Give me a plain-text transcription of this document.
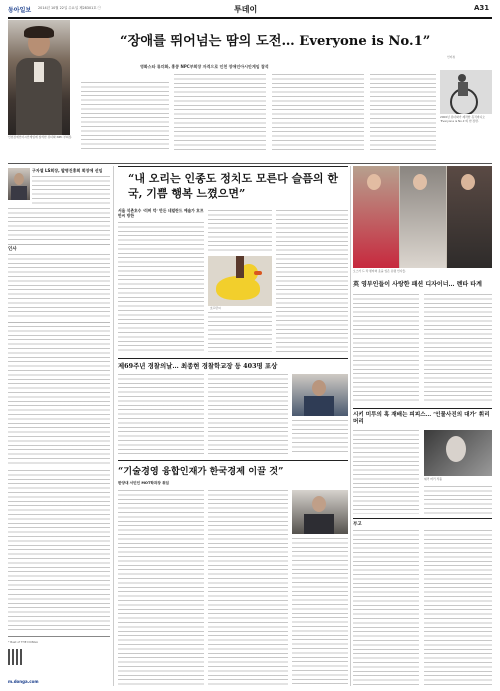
동아일보 2014년 10월 22일 수요일 제28301호 ㊀	투데이	A31
인천장애인아시안게임에 참석한 류더화 NPC 부회장.
“장애를 뛰어넘는 땀의 도전… Everyone is No.1”
인터뷰
영화스타 류더화, 홍콩 NPC부회장 자격으로 인천 장애인아시안게임 참석
2000년 류더화가 제작한 뮤직비디오 ‘Everyone is No.1’의 한 장면.
구자열 LS회장, 발명진흥회 회장에 선임
인사
* Best of THE DONGA
m.donga.com
“내 오리는 인종도 정치도 모른다 슬픔의 한국, 기쁨 행복 느꼈으면”
서울 석촌호수 ‘러버 덕’ 만든 네덜란드 예술가 호프만씨 방한
호프만씨
오스카 드 라 렌타의 옷을 입은 유명 인사들.
英 영부인들이 사랑한 패션 디자이너… 렌타 타계
제69주년 경찰의날… 최종현 경찰학교장 등 403명 포상
시키 미투의 혹 재배는 피피스… ‘인물사진의 대가’ 휘리 머리
휘리 머리 작품
“기술경영 융합인재가 한국경제 이끌 것”
한양대 서민인 MOT학과장 취임
부고
